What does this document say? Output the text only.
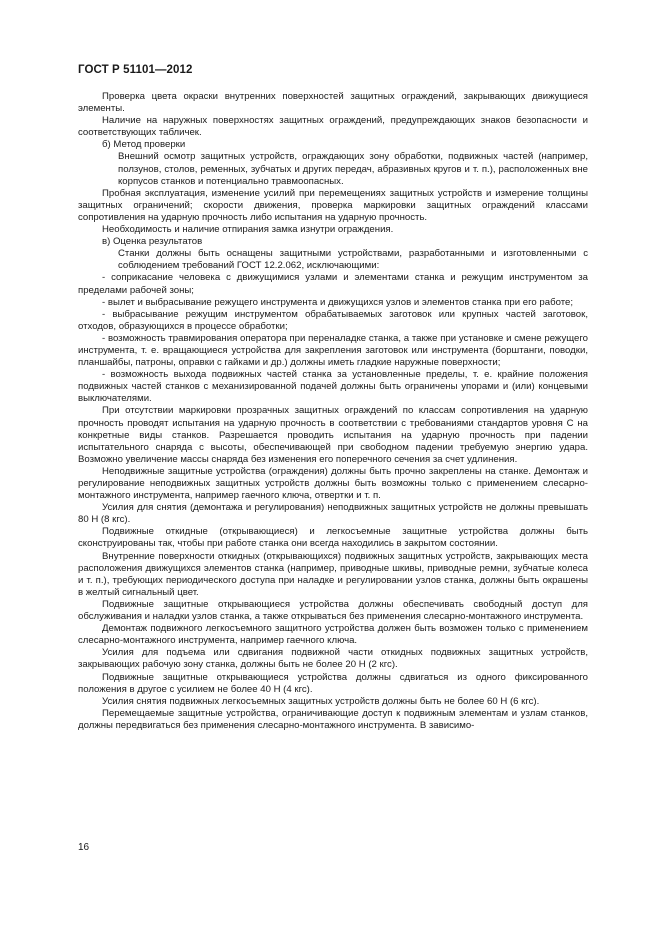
ГОСТ Р 51101—2012

Проверка цвета окраски внутренних поверхностей защитных ограждений, закрывающих движущиеся элементы.

Наличие на наружных поверхностях защитных ограждений, предупреждающих знаков безопасности и соответствующих табличек.

б) Метод проверки

Внешний осмотр защитных устройств, ограждающих зону обработки, подвижных частей (например, ползунов, столов, ременных, зубчатых и других передач, абразивных кругов и т. п.), расположенных вне корпусов станков и потенциально травмоопасных.

Пробная эксплуатация, изменение усилий при перемещениях защитных устройств и измерение толщины защитных ограничений; скорости движения, проверка маркировки защитных ограждений классами сопротивления на ударную прочность либо испытания на ударную прочность.

Необходимость и наличие отпирания замка изнутри ограждения.

в) Оценка результатов

Станки должны быть оснащены защитными устройствами, разработанными и изготовленными с соблюдением требований ГОСТ 12.2.062, исключающими:

- соприкасание человека с движущимися узлами и элементами станка и режущим инструментом за пределами рабочей зоны;

- вылет и выбрасывание режущего инструмента и движущихся узлов и элементов станка при его работе;

- выбрасывание режущим инструментом обрабатываемых заготовок или крупных частей заготовок, отходов, образующихся в процессе обработки;

- возможность травмирования оператора при переналадке станка, а также при установке и смене режущего инструмента, т. е. вращающиеся устройства для закрепления заготовок или инструмента (борштанги, поводки, планшайбы, патроны, оправки с гайками и др.) должны иметь гладкие наружные поверхности;

- возможность выхода подвижных частей станка за установленные пределы, т. е. крайние положения подвижных частей станков с механизированной подачей должны быть ограничены упорами и (или) концевыми выключателями.

При отсутствии маркировки прозрачных защитных ограждений по классам сопротивления на ударную прочность проводят испытания на ударную прочность в соответствии с требованиями стандартов уровня С на конкретные виды станков. Разрешается проводить испытания на ударную прочность при падении испытательного снаряда с высоты, обеспечивающей при свободном падении требуемую энергию удара. Возможно увеличение массы снаряда без изменения его поперечного сечения за счет удлинения.

Неподвижные защитные устройства (ограждения) должны быть прочно закреплены на станке. Демонтаж и регулирование неподвижных защитных устройств должны быть возможны только с применением слесарно-монтажного инструмента, например гаечного ключа, отвертки и т. п.

Усилия для снятия (демонтажа и регулирования) неподвижных защитных устройств не должны превышать 80 Н (8 кгс).

Подвижные откидные (открывающиеся) и легкосъемные защитные устройства должны быть сконструированы так, чтобы при работе станка они всегда находились в закрытом состоянии.

Внутренние поверхности откидных (открывающихся) подвижных защитных устройств, закрывающих места расположения движущихся элементов станка (например, приводные шкивы, приводные ремни, зубчатые колеса и т. п.), требующих периодического доступа при наладке и регулировании узлов станка, должны быть окрашены в желтый сигнальный цвет.

Подвижные защитные открывающиеся устройства должны обеспечивать свободный доступ для обслуживания и наладки узлов станка, а также открываться без применения слесарно-монтажного инструмента.

Демонтаж подвижного легкосъемного защитного устройства должен быть возможен только с применением слесарно-монтажного инструмента, например гаечного ключа.

Усилия для подъема или сдвигания подвижной части откидных подвижных защитных устройств, закрывающих рабочую зону станка, должны быть не более 20 Н (2 кгс).

Подвижные защитные открывающиеся устройства должны сдвигаться из одного фиксированного положения в другое с усилием не более 40 Н (4 кгс).

Усилия снятия подвижных легкосъемных защитных устройств должны быть не более 60 Н (6 кгс).

Перемещаемые защитные устройства, ограничивающие доступ к подвижным элементам и узлам станков, должны передвигаться без применения слесарно-монтажного инструмента. В зависимо-

16
